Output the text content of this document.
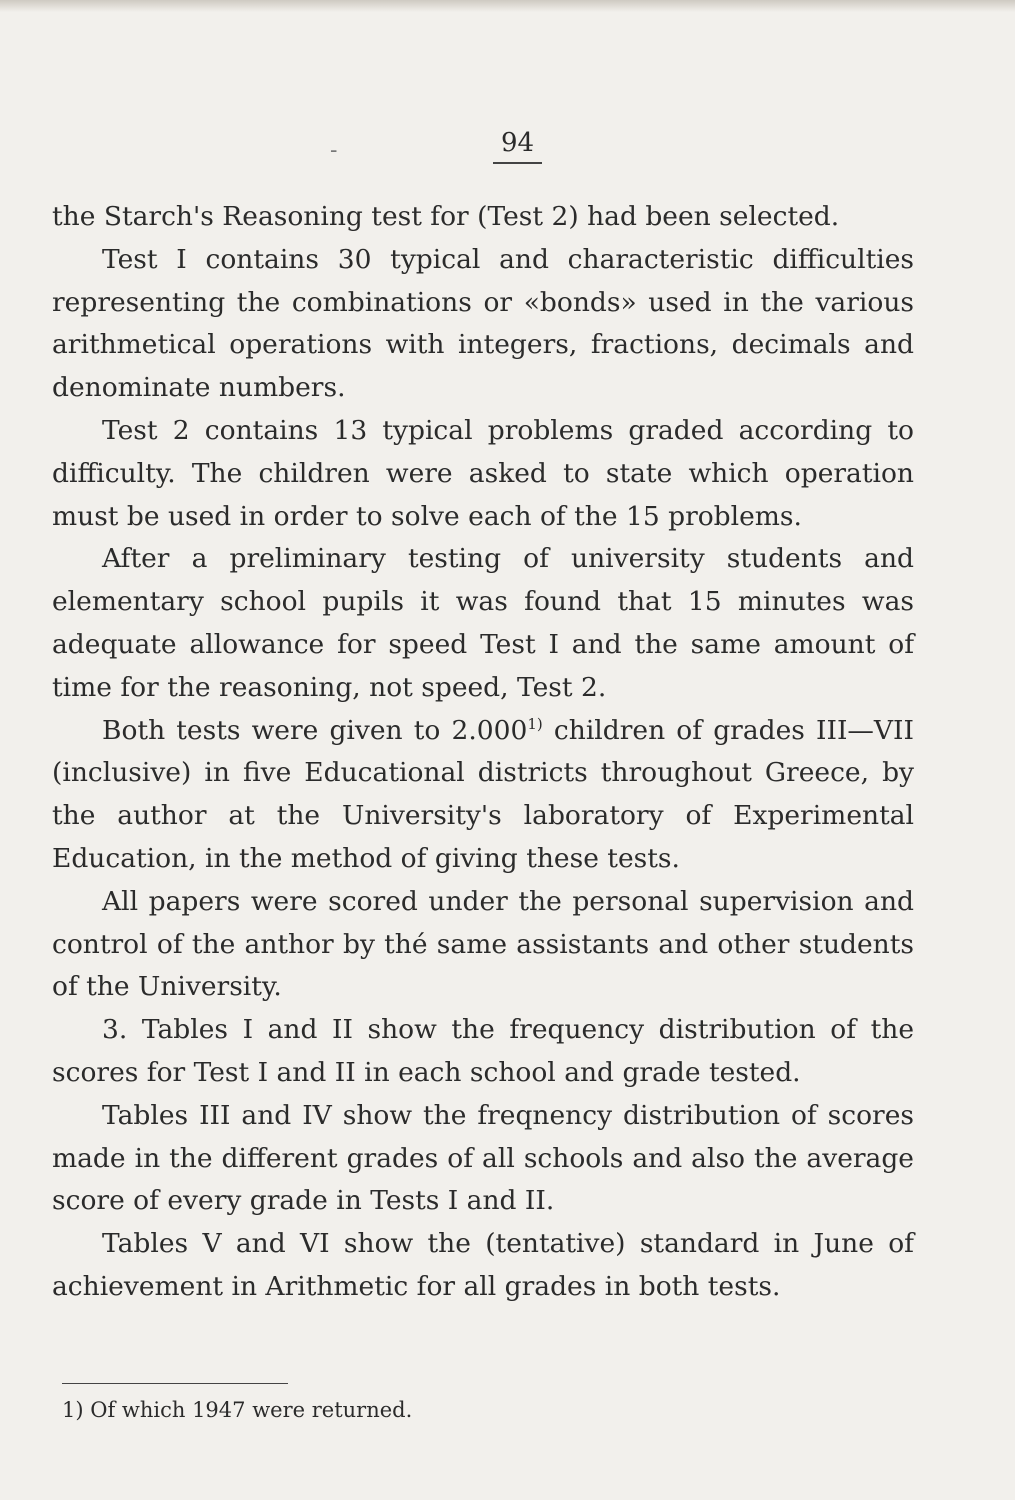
-	94

the Starch's Reasoning test for (Test 2) had been selected.

Test I contains 30 typical and characteristic difficulties representing the combinations or «bonds» used in the various arithmetical operations with integers, fractions, decimals and denominate numbers.

Test 2 contains 13 typical problems graded according to difficulty. The children were asked to state which operation must be used in order to solve each of the 15 problems.

After a preliminary testing of university students and elementary school pupils it was found that 15 minutes was adequate allowance for speed Test I and the same amount of time for the reasoning, not speed, Test 2.

Both tests were given to 2.000$^{1)}$ children of grades III—VII (inclusive) in five Educational districts throughout Greece, by the author at the University's laboratory of Experimental Education, in the method of giving these tests.

All papers were scored under the personal supervision and control of the anthor by thé same assistants and other students of the University.

3. Tables I and II show the frequency distribution of the scores for Test I and II in each school and grade tested.

Tables III and IV show the freqnency distribution of scores made in the different grades of all schools and also the average score of every grade in Tests I and II.

Tables V and VI show the (tentative) standard in June of achievement in Arithmetic for all grades in both tests.

1) Of which 1947 were returned.
